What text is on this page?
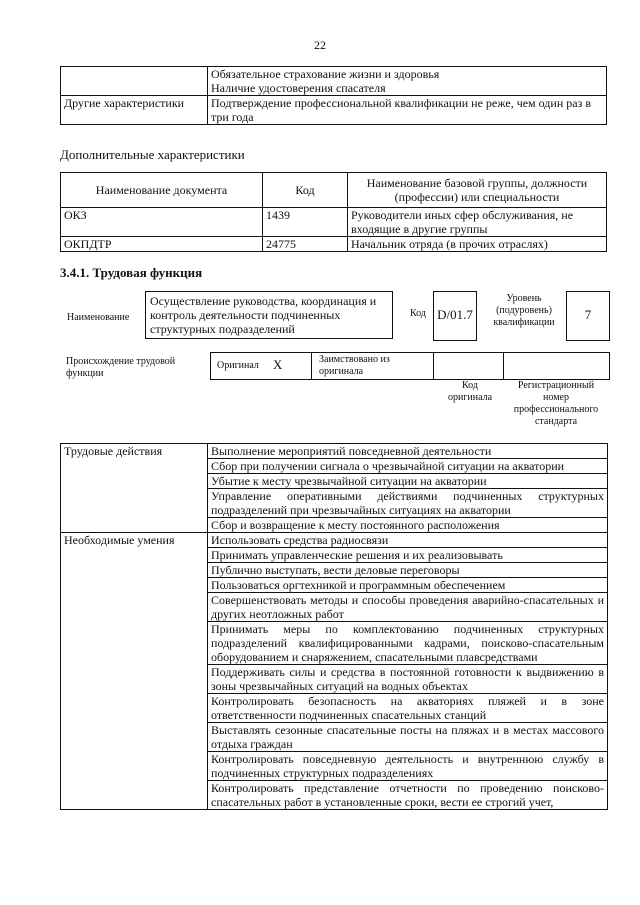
22

	Обязательное страхование жизни и здоровья
Наличие удостоверения спасателя

Другие характеристики	Подтверждение профессиональной квалификации не реже, чем один раз в три года
Дополнительные характеристики
Наименование документа	Код	Наименование базовой группы, должности (профессии) или специальности
ОКЗ	1439	Руководители иных сфер обслуживания, не входящие в другие группы
ОКПДТР	24775	Начальник отряда (в прочих отраслях)
3.4.1. Трудовая функция
Наименование
Осуществление руководства, координация и контроль деятельности подчиненных структурных подразделений
Код D/01.7
Уровень (подуровень) квалификации
7
Происхождение трудовой функции
Оригинал X	Заимствовано из оригинала
Код оригинала
Регистрационный номер профессионального стандарта
Трудовые действия	Выполнение мероприятий повседневной деятельности
	Сбор при получении сигнала о чрезвычайной ситуации на акватории
	Убытие к месту чрезвычайной ситуации на акватории
	Управление оперативными действиями подчиненных структурных подразделений при чрезвычайных ситуациях на акватории
	Сбор и возвращение к месту постоянного расположения
Необходимые умения	Использовать средства радиосвязи
	Принимать управленческие решения и их реализовывать
	Публично выступать, вести деловые переговоры
	Пользоваться оргтехникой и программным обеспечением
	Совершенствовать методы и способы проведения аварийно-спасательных и других неотложных работ
	Принимать меры по комплектованию подчиненных структурных подразделений квалифицированными кадрами, поисково-спасательным оборудованием и снаряжением, спасательными плавсредствами
	Поддерживать силы и средства в постоянной готовности к выдвижению в зоны чрезвычайных ситуаций на водных объектах
	Контролировать безопасность на акваториях пляжей и в зоне ответственности подчиненных спасательных станций
	Выставлять сезонные спасательные посты на пляжах и в местах массового отдыха граждан
	Контролировать повседневную деятельность и внутреннюю службу в подчиненных структурных подразделениях
	Контролировать представление отчетности по проведению поисково-спасательных работ в установленные сроки, вести ее строгий учет,
